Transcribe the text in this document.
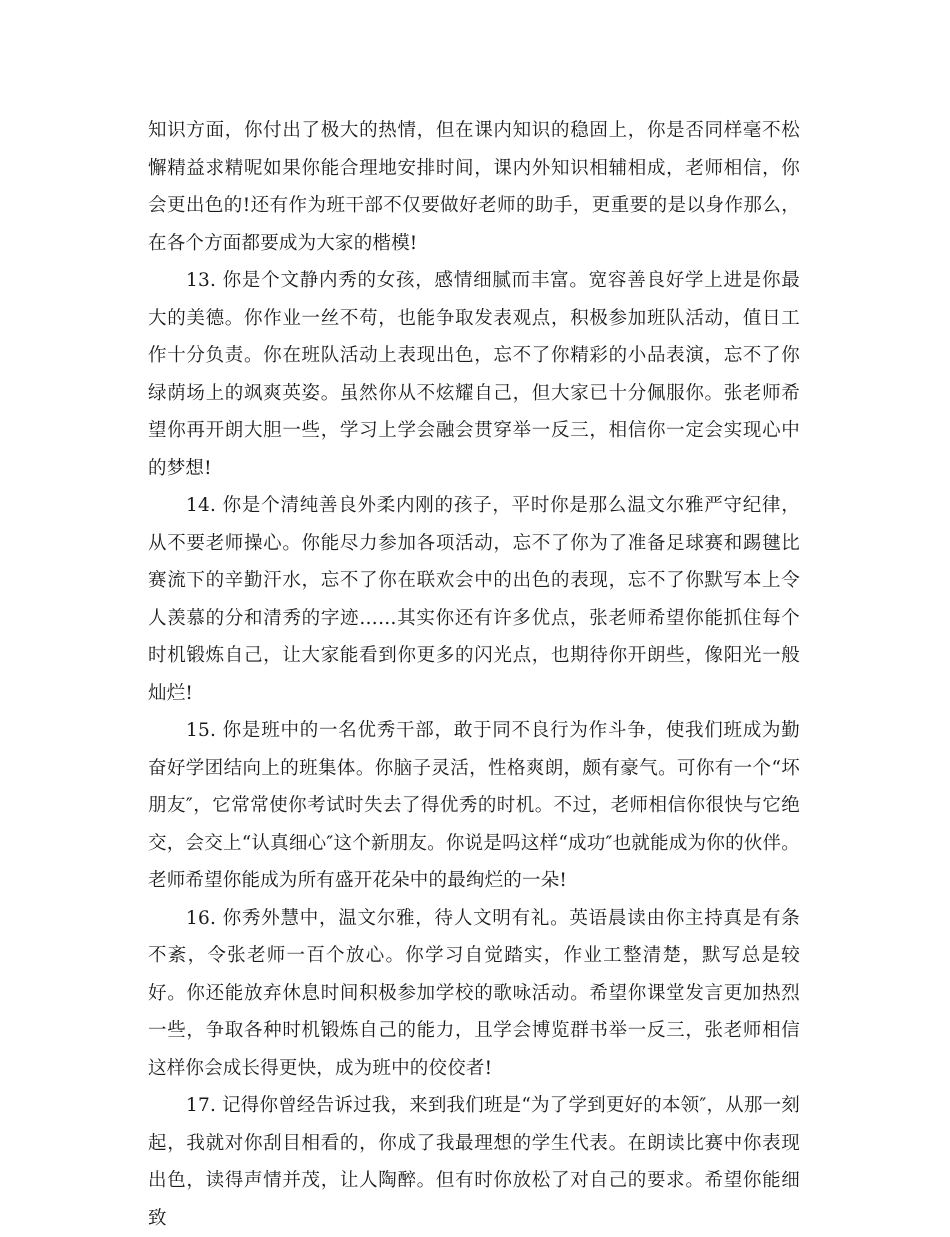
知识方面，你付出了极大的热情，但在课内知识的稳固上，你是否同样毫不松懈精益求精呢如果你能合理地安排时间，课内外知识相辅相成，老师相信，你会更出色的!还有作为班干部不仅要做好老师的助手，更重要的是以身作那么，在各个方面都要成为大家的楷模!

13. 你是个文静内秀的女孩，感情细腻而丰富。宽容善良好学上进是你最大的美德。你作业一丝不苟，也能争取发表观点，积极参加班队活动，值日工作十分负责。你在班队活动上表现出色，忘不了你精彩的小品表演，忘不了你绿荫场上的飒爽英姿。虽然你从不炫耀自己，但大家已十分佩服你。张老师希望你再开朗大胆一些，学习上学会融会贯穿举一反三，相信你一定会实现心中的梦想!

14. 你是个清纯善良外柔内刚的孩子，平时你是那么温文尔雅严守纪律，从不要老师操心。你能尽力参加各项活动，忘不了你为了准备足球赛和踢毽比赛流下的辛勤汗水，忘不了你在联欢会中的出色的表现，忘不了你默写本上令人羡慕的分和清秀的字迹……其实你还有许多优点，张老师希望你能抓住每个时机锻炼自己，让大家能看到你更多的闪光点，也期待你开朗些，像阳光一般灿烂!

15. 你是班中的一名优秀干部，敢于同不良行为作斗争，使我们班成为勤奋好学团结向上的班集体。你脑子灵活，性格爽朗，颇有豪气。可你有一个“坏朋友″，它常常使你考试时失去了得优秀的时机。不过，老师相信你很快与它绝交，会交上“认真细心″这个新朋友。你说是吗这样“成功″也就能成为你的伙伴。老师希望你能成为所有盛开花朵中的最绚烂的一朵!

16. 你秀外慧中，温文尔雅，待人文明有礼。英语晨读由你主持真是有条不紊，令张老师一百个放心。你学习自觉踏实，作业工整清楚，默写总是较好。你还能放弃休息时间积极参加学校的歌咏活动。希望你课堂发言更加热烈一些，争取各种时机锻炼自己的能力，且学会博览群书举一反三，张老师相信这样你会成长得更快，成为班中的佼佼者!

17. 记得你曾经告诉过我，来到我们班是“为了学到更好的本领″，从那一刻起，我就对你刮目相看的，你成了我最理想的学生代表。在朗读比赛中你表现出色，读得声情并茂，让人陶醉。但有时你放松了对自己的要求。希望你能细致
